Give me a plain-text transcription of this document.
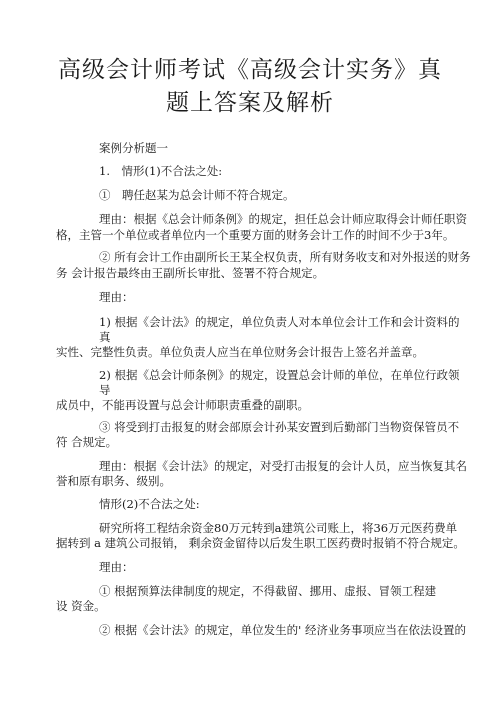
高级会计师考试《高级会计实务》真
题上答案及解析
案例分析题一
1.　情形(1)不合法之处:
①　聘任赵某为总会计师不符合规定。
理由：根据《总会计师条例》的规定，担任总会计师应取得会计师任职资
格，主管一个单位或者单位内一个重要方面的财务会计工作的时间不少于3年。
② 所有会计工作由副所长王某全权负责，所有财务收支和对外报送的财务
务 会计报告最终由王副所长审批、签署不符合规定。
理由：
1) 根据《会计法》的规定，单位负责人对本单位会计工作和会计资料的
真
实性、完整性负责。单位负责人应当在单位财务会计报告上签名并盖章。
2) 根据《总会计师条例》的规定，设置总会计师的单位，在单位行政领
导
成员中，不能再设置与总会计师职责重叠的副职。
③ 将受到打击报复的财会部原会计孙某安置到后勤部门当物资保管员不
符 合规定。
理由：根据《会计法》的规定，对受打击报复的会计人员，应当恢复其名
誉和原有职务、级别。
情形(2)不合法之处:
研究所将工程结余资金80万元转到a建筑公司账上，将36万元医药费单
据转到 a 建筑公司报销， 剩余资金留待以后发生职工医药费时报销不符合规定。
理由：
① 根据预算法律制度的规定，不得截留、挪用、虚报、冒领工程建
设 资金。
② 根据《会计法》的规定，单位发生的' 经济业务事项应当在依法设置的
